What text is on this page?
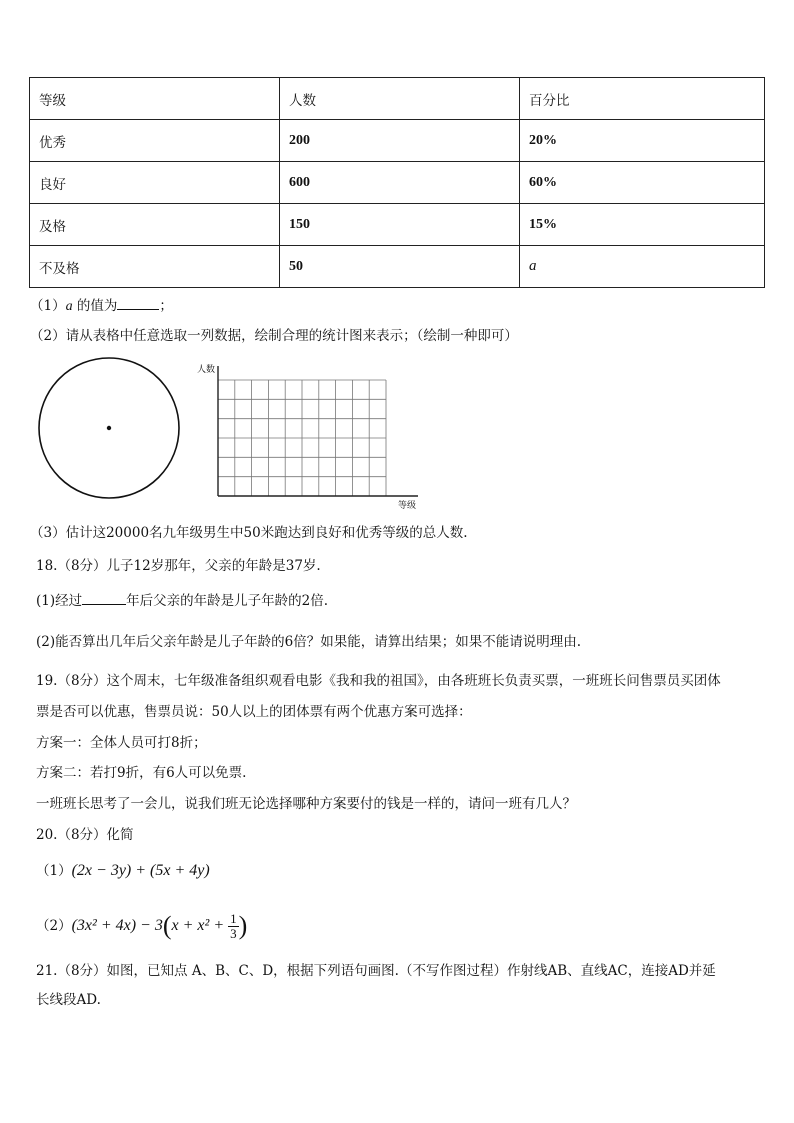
等级	人数	百分比
优秀	200	20%
良好	600	60%
及格	150	15%
不及格	50	a
（1）a 的值为	；
（2）请从表格中任意选取一列数据，绘制合理的统计图来表示；（绘制一种即可）
人数
等级
（3）估计这20000名九年级男生中50米跑达到良好和优秀等级的总人数.
18.（8分）儿子12岁那年，父亲的年龄是37岁.
(1)经过	年后父亲的年龄是儿子年龄的2倍.
(2)能否算出几年后父亲年龄是儿子年龄的6倍？如果能，请算出结果；如果不能请说明理由.
19.（8分）这个周末，七年级准备组织观看电影《我和我的祖国》，由各班班长负责买票，一班班长问售票员买团体
票是否可以优惠，售票员说：50人以上的团体票有两个优惠方案可选择：
方案一：全体人员可打8折；
方案二：若打9折，有6人可以免票.
一班班长思考了一会儿，说我们班无论选择哪种方案要付的钱是一样的，请问一班有几人？
20.（8分）化简
（1）(2x − 3y) + (5x + 4y)
$(2)(3x^2 + 4x) - 3(x + x^2 + \frac{1}{3}$ )
21.（8分）如图，已知点 A、B、C、D，根据下列语句画图.（不写作图过程）作射线AB、直线AC，连接AD并延
长线段AD.
